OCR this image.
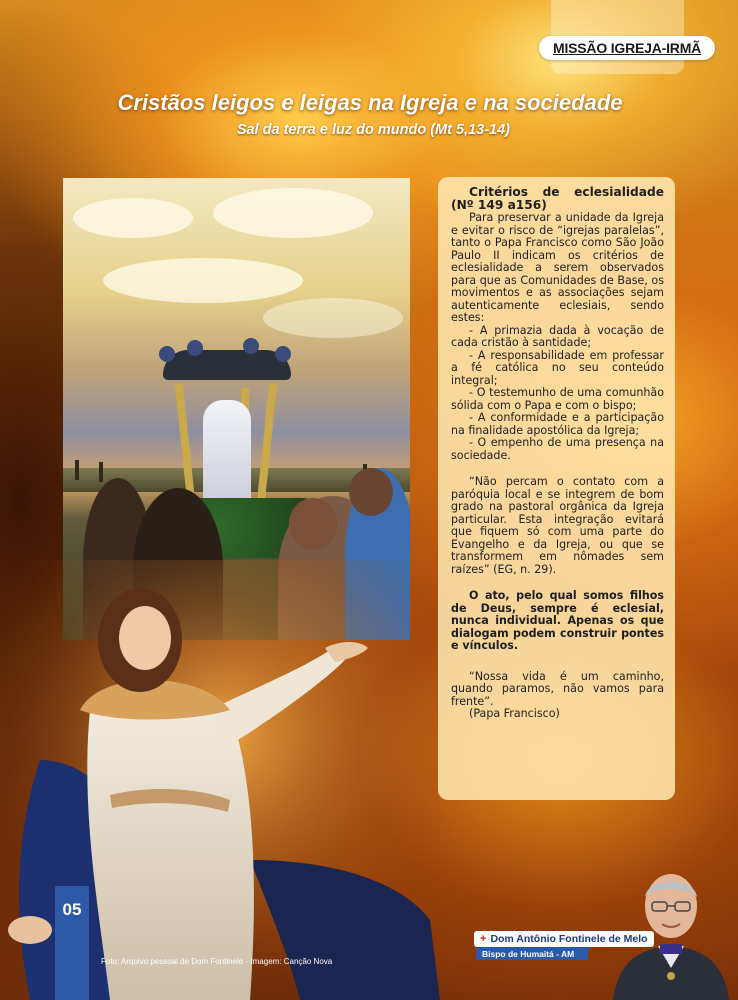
MISSÃO IGREJA-IRMÃ
Cristãos leigos e leigas na Igreja e na sociedade
Sal da terra e luz do mundo (Mt 5,13-14)

Critérios de eclesialidade (Nº 149 a156)

Para preservar a unidade da Igreja e evitar o risco de “igrejas paralelas”, tanto o Papa Francisco como São João Paulo II indicam os critérios de eclesialidade a serem observados para que as Comunidades de Base, os movimentos e as associações sejam autenticamente eclesiais, sendo estes:

- A primazia dada à vocação de cada cristão à santidade;

- A responsabilidade em professar a fé católica no seu conteúdo integral;

- O testemunho de uma comunhão sólida com o Papa e com o bispo;

- A conformidade e a participação na finalidade apostólica da Igreja;

- O empenho de uma presença na sociedade.

“Não percam o contato com a paróquia local e se integrem de bom grado na pastoral orgânica da Igreja particular. Esta integração evitará que fiquem só com uma parte do Evangelho e da Igreja, ou que se transformem em nômades sem raízes” (EG, n. 29).

O ato, pelo qual somos filhos de Deus, sempre é eclesial, nunca individual. Apenas os que dialogam podem construir pontes e vínculos.

“Nossa vida é um caminho, quando paramos, não vamos para frente”.

(Papa Francisco)

05
Foto: Arquivo pessoal de Dom Fontinele - Imagem: Canção Nova
+ Dom Antônio Fontinele de Melo
Bispo de Humaitá - AM
